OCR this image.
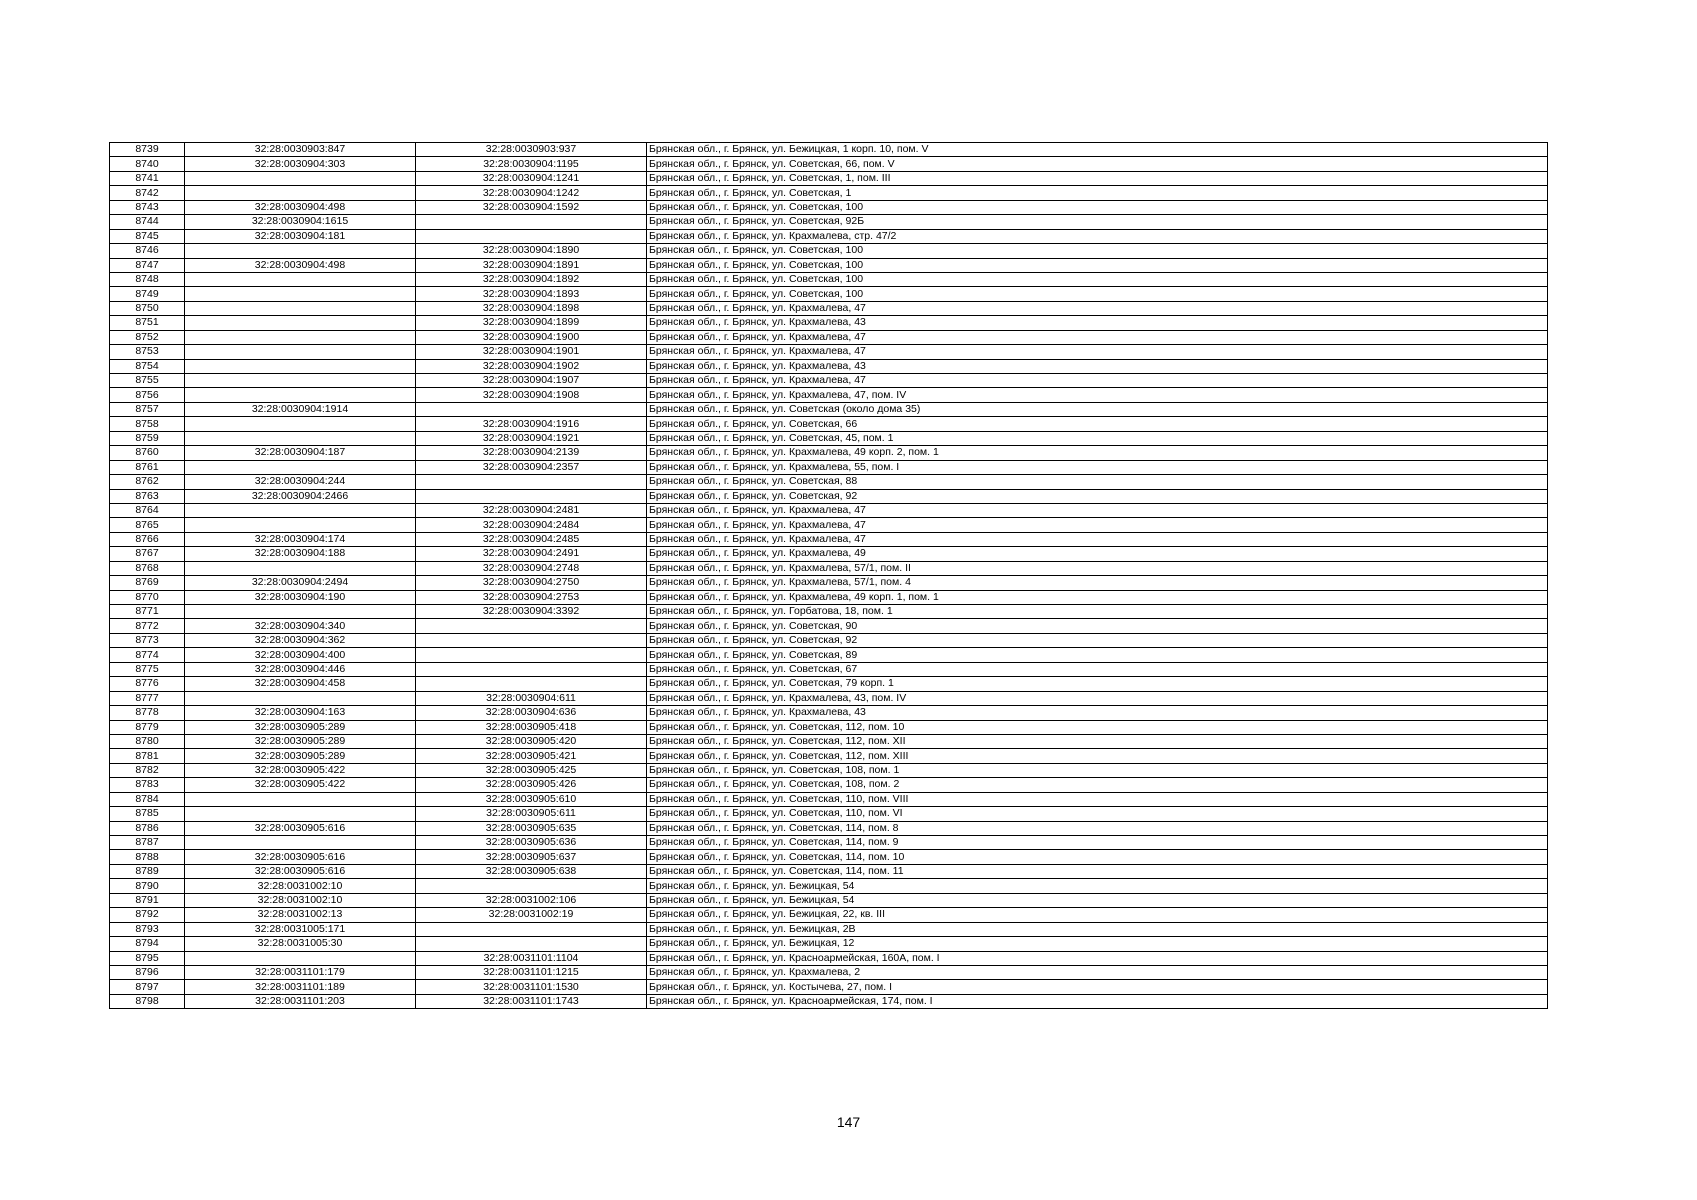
8739	32:28:0030903:847	32:28:0030903:937	Брянская обл., г. Брянск, ул. Бежицкая, 1 корп. 10, пом. V
8740	32:28:0030904:303	32:28:0030904:1195	Брянская обл., г. Брянск, ул. Советская, 66, пом. V
8741		32:28:0030904:1241	Брянская обл., г. Брянск, ул. Советская, 1, пом. III
8742		32:28:0030904:1242	Брянская обл., г. Брянск, ул. Советская, 1
8743	32:28:0030904:498	32:28:0030904:1592	Брянская обл., г. Брянск, ул. Советская, 100
8744	32:28:0030904:1615		Брянская обл., г. Брянск, ул. Советская, 92Б
8745	32:28:0030904:181		Брянская обл., г. Брянск, ул. Крахмалева, стр. 47/2
8746		32:28:0030904:1890	Брянская обл., г. Брянск, ул. Советская, 100
8747	32:28:0030904:498	32:28:0030904:1891	Брянская обл., г. Брянск, ул. Советская, 100
8748		32:28:0030904:1892	Брянская обл., г. Брянск, ул. Советская, 100
8749		32:28:0030904:1893	Брянская обл., г. Брянск, ул. Советская, 100
8750		32:28:0030904:1898	Брянская обл., г. Брянск, ул. Крахмалева, 47
8751		32:28:0030904:1899	Брянская обл., г. Брянск, ул. Крахмалева, 43
8752		32:28:0030904:1900	Брянская обл., г. Брянск, ул. Крахмалева, 47
8753		32:28:0030904:1901	Брянская обл., г. Брянск, ул. Крахмалева, 47
8754		32:28:0030904:1902	Брянская обл., г. Брянск, ул. Крахмалева, 43
8755		32:28:0030904:1907	Брянская обл., г. Брянск, ул. Крахмалева, 47
8756		32:28:0030904:1908	Брянская обл., г. Брянск, ул. Крахмалева, 47, пом. IV
8757	32:28:0030904:1914		Брянская обл., г. Брянск, ул. Советская (около дома 35)
8758		32:28:0030904:1916	Брянская обл., г. Брянск, ул. Советская, 66
8759		32:28:0030904:1921	Брянская обл., г. Брянск, ул. Советская, 45, пом. 1
8760	32:28:0030904:187	32:28:0030904:2139	Брянская обл., г. Брянск, ул. Крахмалева, 49 корп. 2, пом. 1
8761		32:28:0030904:2357	Брянская обл., г. Брянск, ул. Крахмалева, 55, пом. I
8762	32:28:0030904:244		Брянская обл., г. Брянск, ул. Советская, 88
8763	32:28:0030904:2466		Брянская обл., г. Брянск, ул. Советская, 92
8764		32:28:0030904:2481	Брянская обл., г. Брянск, ул. Крахмалева, 47
8765		32:28:0030904:2484	Брянская обл., г. Брянск, ул. Крахмалева, 47
8766	32:28:0030904:174	32:28:0030904:2485	Брянская обл., г. Брянск, ул. Крахмалева, 47
8767	32:28:0030904:188	32:28:0030904:2491	Брянская обл., г. Брянск, ул. Крахмалева, 49
8768		32:28:0030904:2748	Брянская обл., г. Брянск, ул. Крахмалева, 57/1, пом. II
8769	32:28:0030904:2494	32:28:0030904:2750	Брянская обл., г. Брянск, ул. Крахмалева, 57/1, пом. 4
8770	32:28:0030904:190	32:28:0030904:2753	Брянская обл., г. Брянск, ул. Крахмалева, 49 корп. 1, пом. 1
8771		32:28:0030904:3392	Брянская обл., г. Брянск, ул. Горбатова, 18, пом. 1
8772	32:28:0030904:340		Брянская обл., г. Брянск, ул. Советская, 90
8773	32:28:0030904:362		Брянская обл., г. Брянск, ул. Советская, 92
8774	32:28:0030904:400		Брянская обл., г. Брянск, ул. Советская, 89
8775	32:28:0030904:446		Брянская обл., г. Брянск, ул. Советская, 67
8776	32:28:0030904:458		Брянская обл., г. Брянск, ул. Советская, 79 корп. 1
8777		32:28:0030904:611	Брянская обл., г. Брянск, ул. Крахмалева, 43, пом. IV
8778	32:28:0030904:163	32:28:0030904:636	Брянская обл., г. Брянск, ул. Крахмалева, 43
8779	32:28:0030905:289	32:28:0030905:418	Брянская обл., г. Брянск, ул. Советская, 112, пом. 10
8780	32:28:0030905:289	32:28:0030905:420	Брянская обл., г. Брянск, ул. Советская, 112, пом. XII
8781	32:28:0030905:289	32:28:0030905:421	Брянская обл., г. Брянск, ул. Советская, 112, пом. XIII
8782	32:28:0030905:422	32:28:0030905:425	Брянская обл., г. Брянск, ул. Советская, 108, пом. 1
8783	32:28:0030905:422	32:28:0030905:426	Брянская обл., г. Брянск, ул. Советская, 108, пом. 2
8784		32:28:0030905:610	Брянская обл., г. Брянск, ул. Советская, 110, пом. VIII
8785		32:28:0030905:611	Брянская обл., г. Брянск, ул. Советская, 110, пом. VI
8786	32:28:0030905:616	32:28:0030905:635	Брянская обл., г. Брянск, ул. Советская, 114, пом. 8
8787		32:28:0030905:636	Брянская обл., г. Брянск, ул. Советская, 114, пом. 9
8788	32:28:0030905:616	32:28:0030905:637	Брянская обл., г. Брянск, ул. Советская, 114, пом. 10
8789	32:28:0030905:616	32:28:0030905:638	Брянская обл., г. Брянск, ул. Советская, 114, пом. 11
8790	32:28:0031002:10		Брянская обл., г. Брянск, ул. Бежицкая, 54
8791	32:28:0031002:10	32:28:0031002:106	Брянская обл., г. Брянск, ул. Бежицкая, 54
8792	32:28:0031002:13	32:28:0031002:19	Брянская обл., г. Брянск, ул. Бежицкая, 22, кв. III
8793	32:28:0031005:171		Брянская обл., г. Брянск, ул. Бежицкая, 2В
8794	32:28:0031005:30		Брянская обл., г. Брянск, ул. Бежицкая, 12
8795		32:28:0031101:1104	Брянская обл., г. Брянск, ул. Красноармейская, 160А, пом. I
8796	32:28:0031101:179	32:28:0031101:1215	Брянская обл., г. Брянск, ул. Крахмалева, 2
8797	32:28:0031101:189	32:28:0031101:1530	Брянская обл., г. Брянск, ул. Костычева, 27, пом. I
8798	32:28:0031101:203	32:28:0031101:1743	Брянская обл., г. Брянск, ул. Красноармейская, 174, пом. I
147
